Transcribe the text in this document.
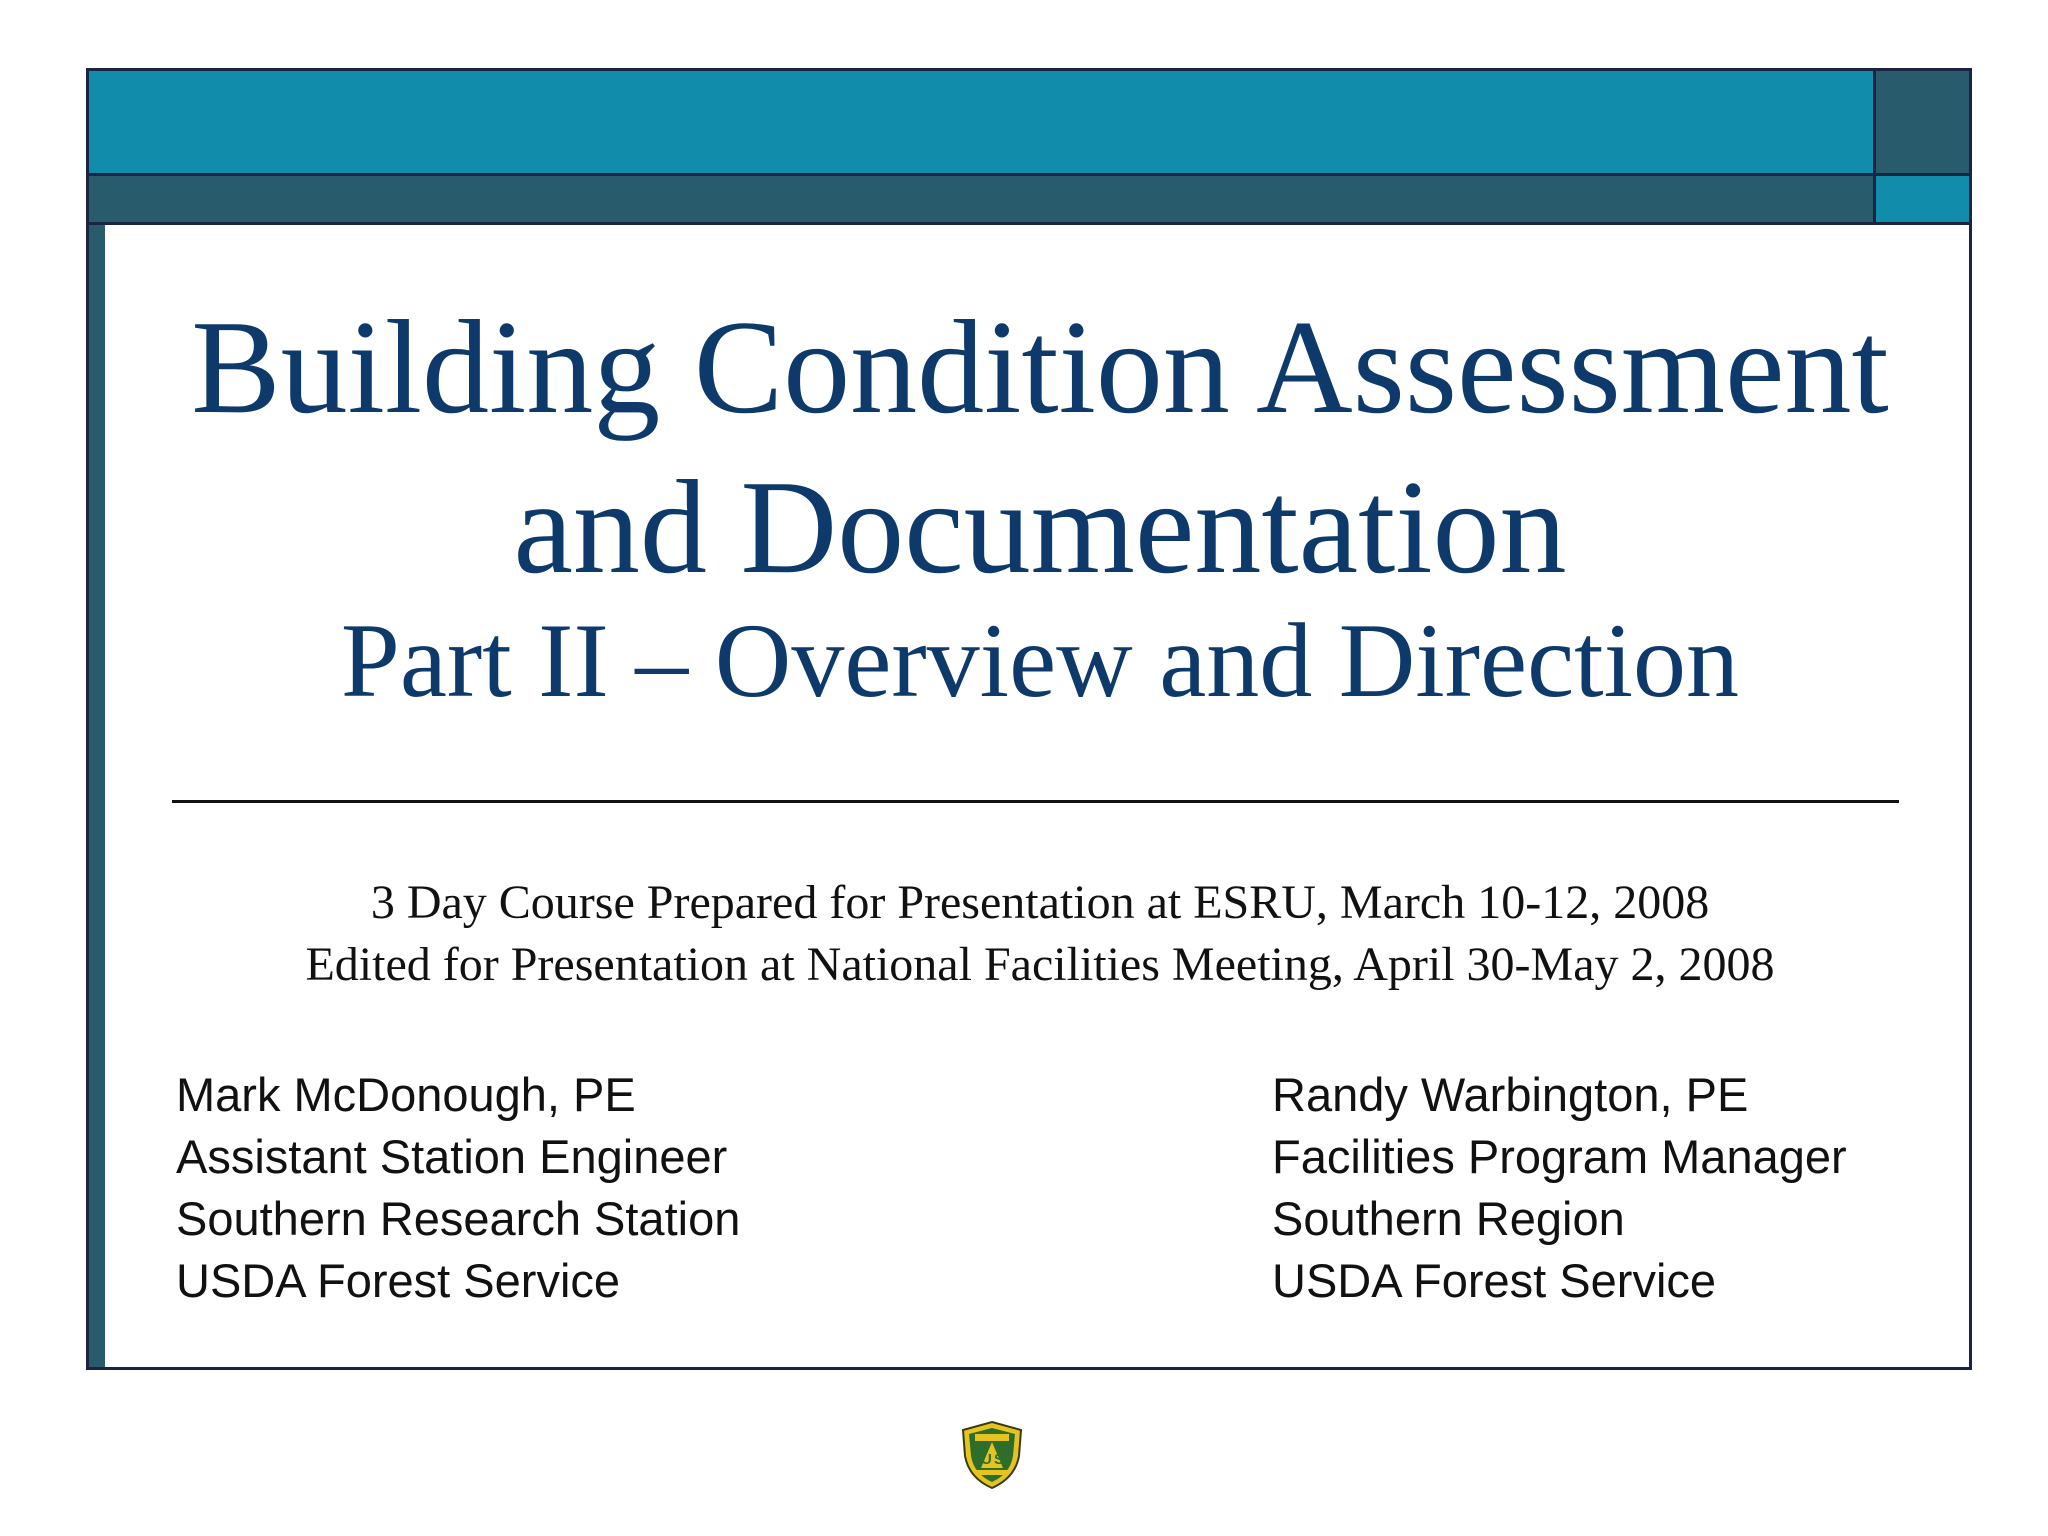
Building Condition Assessment
and Documentation
Part II – Overview and Direction
3 Day Course Prepared for Presentation at ESRU, March 10-12, 2008
Edited for Presentation at National Facilities Meeting, April 30-May 2, 2008
Mark McDonough, PE
Assistant Station Engineer
Southern Research Station
USDA Forest Service
Randy Warbington, PE
Facilities Program Manager
Southern Region
USDA Forest Service
U S
